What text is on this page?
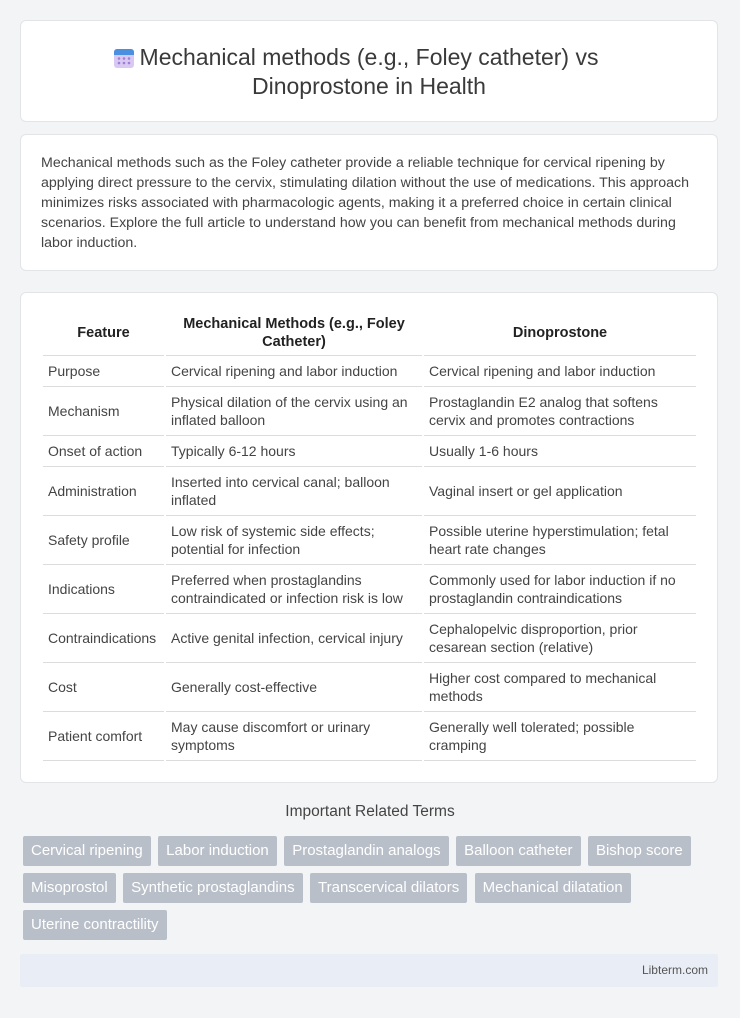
Mechanical methods (e.g., Foley catheter) vs
Dinoprostone in Health

Mechanical methods such as the Foley catheter provide a reliable technique for cervical ripening by applying direct pressure to the cervix, stimulating dilation without the use of medications. This approach minimizes risks associated with pharmacologic agents, making it a preferred choice in certain clinical scenarios. Explore the full article to understand how you can benefit from mechanical methods during labor induction.

Feature	Mechanical Methods (e.g., Foley Catheter)	Dinoprostone
Purpose	Cervical ripening and labor induction	Cervical ripening and labor induction
Mechanism	Physical dilation of the cervix using an inflated balloon	Prostaglandin E2 analog that softens cervix and promotes contractions
Onset of action	Typically 6-12 hours	Usually 1-6 hours
Administration	Inserted into cervical canal; balloon inflated	Vaginal insert or gel application
Safety profile	Low risk of systemic side effects; potential for infection	Possible uterine hyperstimulation; fetal heart rate changes
Indications	Preferred when prostaglandins contraindicated or infection risk is low	Commonly used for labor induction if no prostaglandin contraindications
Contraindications	Active genital infection, cervical injury	Cephalopelvic disproportion, prior cesarean section (relative)
Cost	Generally cost-effective	Higher cost compared to mechanical methods
Patient comfort	May cause discomfort or urinary symptoms	Generally well tolerated; possible cramping
Important Related Terms
Cervical ripening Labor induction Prostaglandin analogs Balloon catheter Bishop score Misoprostol Synthetic prostaglandins Transcervical dilators Mechanical dilatation Uterine contractility
Libterm.com
